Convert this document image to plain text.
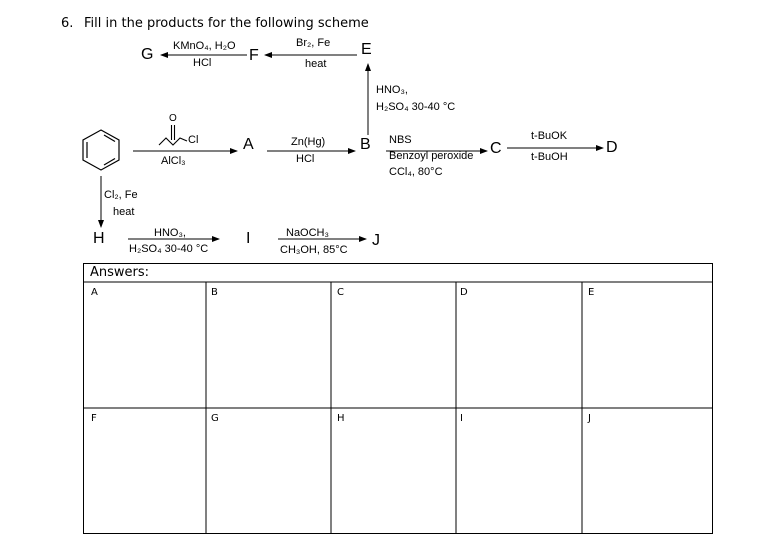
6. Fill in the products for the following scheme
G	F	E
A	B	C	D
H	I	J
KMnO₄, H₂O
HCl
Br₂, Fe
heat
HNO₃,
H₂SO₄ 30-40 °C
O
Cl
AlCl₃
Zn(Hg)
HCl
NBS
Benzoyl peroxide
CCl₄, 80°C
t-BuOK
t-BuOH
Cl₂, Fe
heat
HNO₃,
H₂SO₄ 30-40 °C
NaOCH₃
CH₃OH, 85°C
Answers:
A	B	C	D	E
F	G	H	I	J
